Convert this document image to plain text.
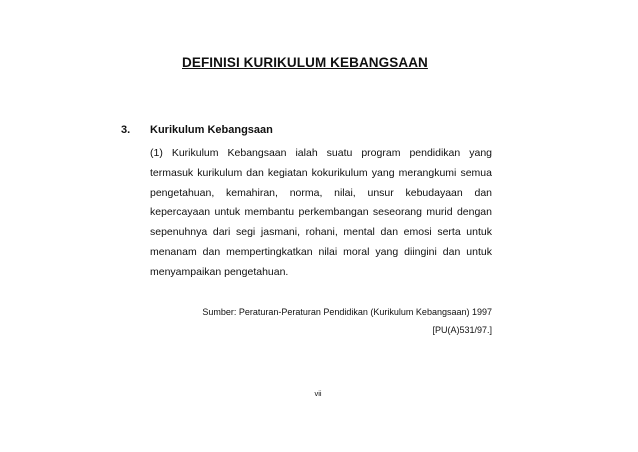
DEFINISI KURIKULUM KEBANGSAAN
3. Kurikulum Kebangsaan
(1) Kurikulum Kebangsaan ialah suatu program pendidikan yang
termasuk kurikulum dan kegiatan kokurikulum yang merangkumi semua
pengetahuan, kemahiran, norma, nilai, unsur kebudayaan dan
kepercayaan untuk membantu perkembangan seseorang murid dengan
sepenuhnya dari segi jasmani, rohani, mental dan emosi serta untuk
menanam dan mempertingkatkan nilai moral yang diingini dan untuk
menyampaikan pengetahuan.
Sumber: Peraturan-Peraturan Pendidikan (Kurikulum Kebangsaan) 1997
[PU(A)531/97.]
vii
